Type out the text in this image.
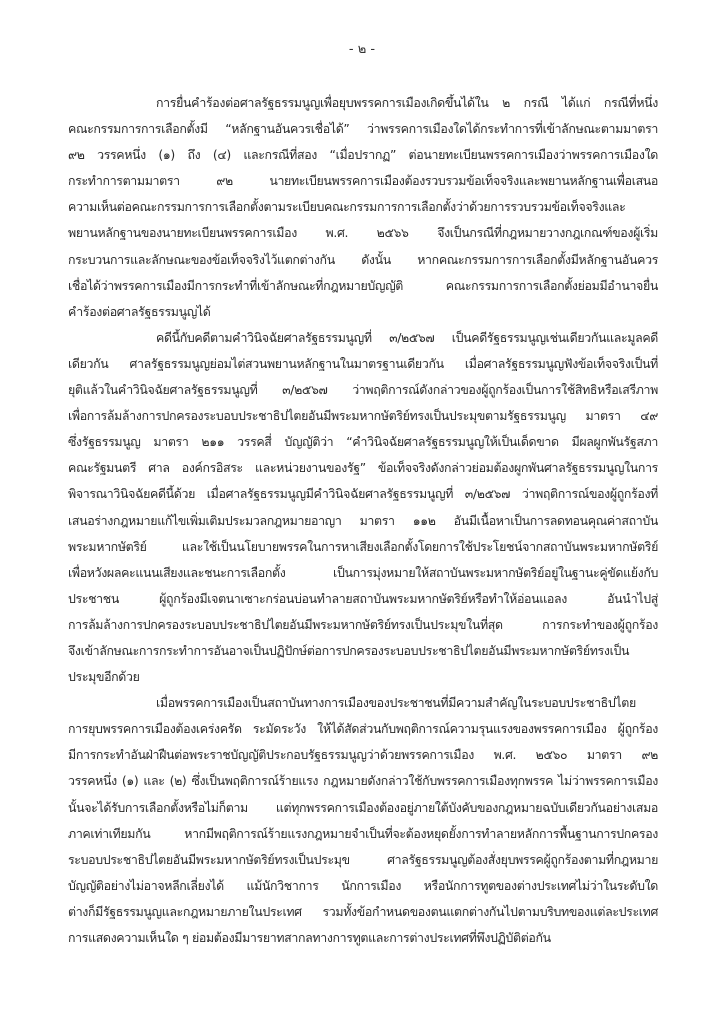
- ๒ -
การยื่นคำร้องต่อศาลรัฐธรรมนูญเพื่อยุบพรรคการเมืองเกิดขึ้นได้ใน ๒ กรณี ได้แก่ กรณีที่หนึ่ง
คณะกรรมการการเลือกตั้งมี “หลักฐานอันควรเชื่อได้” ว่าพรรคการเมืองใดได้กระทำการที่เข้าลักษณะตามมาตรา
๙๒ วรรคหนึ่ง (๑) ถึง (๔) และกรณีที่สอง “เมื่อปรากฏ” ต่อนายทะเบียนพรรคการเมืองว่าพรรคการเมืองใด
กระทำการตามมาตรา ๙๒ นายทะเบียนพรรคการเมืองต้องรวบรวมข้อเท็จจริงและพยานหลักฐานเพื่อเสนอ
ความเห็นต่อคณะกรรมการการเลือกตั้งตามระเบียบคณะกรรมการการเลือกตั้งว่าด้วยการรวบรวมข้อเท็จจริงและ
พยานหลักฐานของนายทะเบียนพรรคการเมือง พ.ศ. ๒๕๖๖ จึงเป็นกรณีที่กฎหมายวางกฎเกณฑ์ของผู้เริ่ม
กระบวนการและลักษณะของข้อเท็จจริงไว้แตกต่างกัน ดังนั้น หากคณะกรรมการการเลือกตั้งมีหลักฐานอันควร
เชื่อได้ว่าพรรคการเมืองมีการกระทำที่เข้าลักษณะที่กฎหมายบัญญัติ คณะกรรมการการเลือกตั้งย่อมมีอำนาจยื่น
คำร้องต่อศาลรัฐธรรมนูญได้
คดีนี้กับคดีตามคำวินิจฉัยศาลรัฐธรรมนูญที่ ๓/๒๕๖๗ เป็นคดีรัฐธรรมนูญเช่นเดียวกันและมูลคดี
เดียวกัน ศาลรัฐธรรมนูญย่อมไต่สวนพยานหลักฐานในมาตรฐานเดียวกัน เมื่อศาลรัฐธรรมนูญฟังข้อเท็จจริงเป็นที่
ยุติแล้วในคำวินิจฉัยศาลรัฐธรรมนูญที่ ๓/๒๕๖๗ ว่าพฤติการณ์ดังกล่าวของผู้ถูกร้องเป็นการใช้สิทธิหรือเสรีภาพ
เพื่อการล้มล้างการปกครองระบอบประชาธิปไตยอันมีพระมหากษัตริย์ทรงเป็นประมุขตามรัฐธรรมนูญ มาตรา ๔๙
ซึ่งรัฐธรรมนูญ มาตรา ๒๑๑ วรรคสี่ บัญญัติว่า “คำวินิจฉัยศาลรัฐธรรมนูญให้เป็นเด็ดขาด มีผลผูกพันรัฐสภา
คณะรัฐมนตรี ศาล องค์กรอิสระ และหน่วยงานของรัฐ” ข้อเท็จจริงดังกล่าวย่อมต้องผูกพันศาลรัฐธรรมนูญในการ
พิจารณาวินิจฉัยคดีนี้ด้วย เมื่อศาลรัฐธรรมนูญมีคำวินิจฉัยศาลรัฐธรรมนูญที่ ๓/๒๕๖๗ ว่าพฤติการณ์ของผู้ถูกร้องที่
เสนอร่างกฎหมายแก้ไขเพิ่มเติมประมวลกฎหมายอาญา มาตรา ๑๑๒ อันมีเนื้อหาเป็นการลดทอนคุณค่าสถาบัน
พระมหากษัตริย์ และใช้เป็นนโยบายพรรคในการหาเสียงเลือกตั้งโดยการใช้ประโยชน์จากสถาบันพระมหากษัตริย์
เพื่อหวังผลคะแนนเสียงและชนะการเลือกตั้ง เป็นการมุ่งหมายให้สถาบันพระมหากษัตริย์อยู่ในฐานะคู่ขัดแย้งกับ
ประชาชน ผู้ถูกร้องมีเจตนาเซาะกร่อนบ่อนทำลายสถาบันพระมหากษัตริย์หรือทำให้อ่อนแอลง อันนำไปสู่
การล้มล้างการปกครองระบอบประชาธิปไตยอันมีพระมหากษัตริย์ทรงเป็นประมุขในที่สุด การกระทำของผู้ถูกร้อง
จึงเข้าลักษณะการกระทำการอันอาจเป็นปฏิปักษ์ต่อการปกครองระบอบประชาธิปไตยอันมีพระมหากษัตริย์ทรงเป็น
ประมุขอีกด้วย
เมื่อพรรคการเมืองเป็นสถาบันทางการเมืองของประชาชนที่มีความสำคัญในระบอบประชาธิปไตย
การยุบพรรคการเมืองต้องเคร่งครัด ระมัดระวัง ให้ได้สัดส่วนกับพฤติการณ์ความรุนแรงของพรรคการเมือง ผู้ถูกร้อง
มีการกระทำอันฝ่าฝืนต่อพระราชบัญญัติประกอบรัฐธรรมนูญว่าด้วยพรรคการเมือง พ.ศ. ๒๕๖๐ มาตรา ๙๒
วรรคหนึ่ง (๑) และ (๒) ซึ่งเป็นพฤติการณ์ร้ายแรง กฎหมายดังกล่าวใช้กับพรรคการเมืองทุกพรรค ไม่ว่าพรรคการเมือง
นั้นจะได้รับการเลือกตั้งหรือไม่ก็ตาม แต่ทุกพรรคการเมืองต้องอยู่ภายใต้บังคับของกฎหมายฉบับเดียวกันอย่างเสมอ
ภาคเท่าเทียมกัน หากมีพฤติการณ์ร้ายแรงกฎหมายจำเป็นที่จะต้องหยุดยั้งการทำลายหลักการพื้นฐานการปกครอง
ระบอบประชาธิปไตยอันมีพระมหากษัตริย์ทรงเป็นประมุข ศาลรัฐธรรมนูญต้องสั่งยุบพรรคผู้ถูกร้องตามที่กฎหมาย
บัญญัติอย่างไม่อาจหลีกเลี่ยงได้ แม้นักวิชาการ นักการเมือง หรือนักการทูตของต่างประเทศไม่ว่าในระดับใด
ต่างก็มีรัฐธรรมนูญและกฎหมายภายในประเทศ รวมทั้งข้อกำหนดของตนแตกต่างกันไปตามบริบทของแต่ละประเทศ
การแสดงความเห็นใด ๆ ย่อมต้องมีมารยาทสากลทางการทูตและการต่างประเทศที่พึงปฏิบัติต่อกัน
